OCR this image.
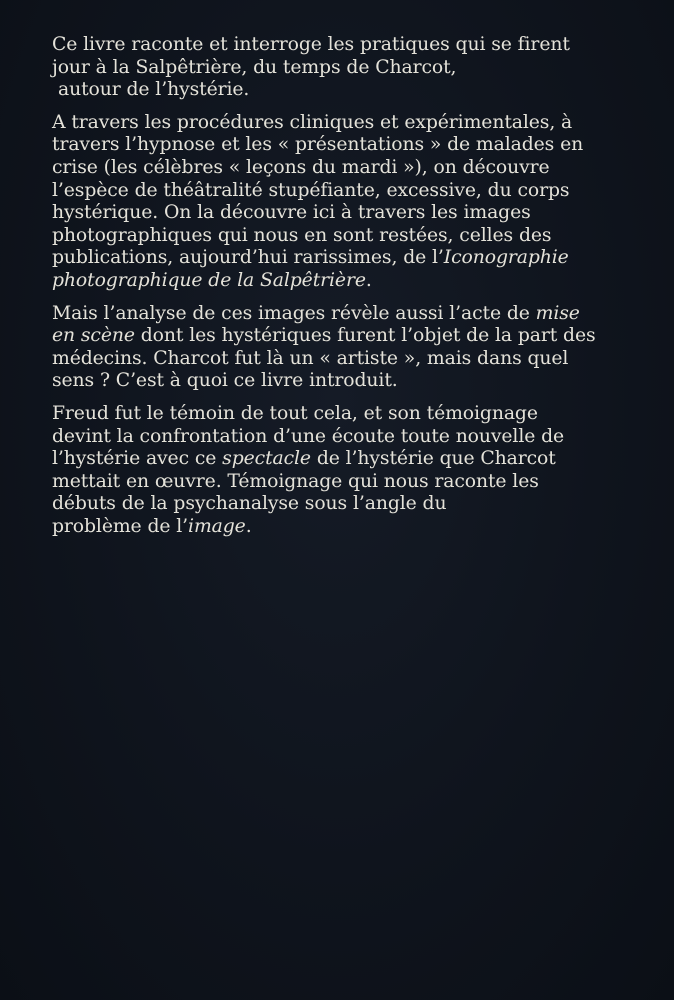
Ce livre raconte et interroge les pratiques qui se firent
jour à la Salpêtrière, du temps de Charcot,
autour de l’hystérie.

A travers les procédures cliniques et expérimentales, à
travers l’hypnose et les « présentations » de malades en
crise (les célèbres « leçons du mardi »), on découvre
l’espèce de théâtralité stupéfiante, excessive, du corps
hystérique. On la découvre ici à travers les images
photographiques qui nous en sont restées, celles des
publications, aujourd’hui rarissimes, de l’Iconographie
photographique de la Salpêtrière.

Mais l’analyse de ces images révèle aussi l’acte de mise
en scène dont les hystériques furent l’objet de la part des
médecins. Charcot fut là un « artiste », mais dans quel
sens ? C’est à quoi ce livre introduit.

Freud fut le témoin de tout cela, et son témoignage
devint la confrontation d’une écoute toute nouvelle de
l’hystérie avec ce spectacle de l’hystérie que Charcot
mettait en œuvre. Témoignage qui nous raconte les
débuts de la psychanalyse sous l’angle du
problème de l’image.
